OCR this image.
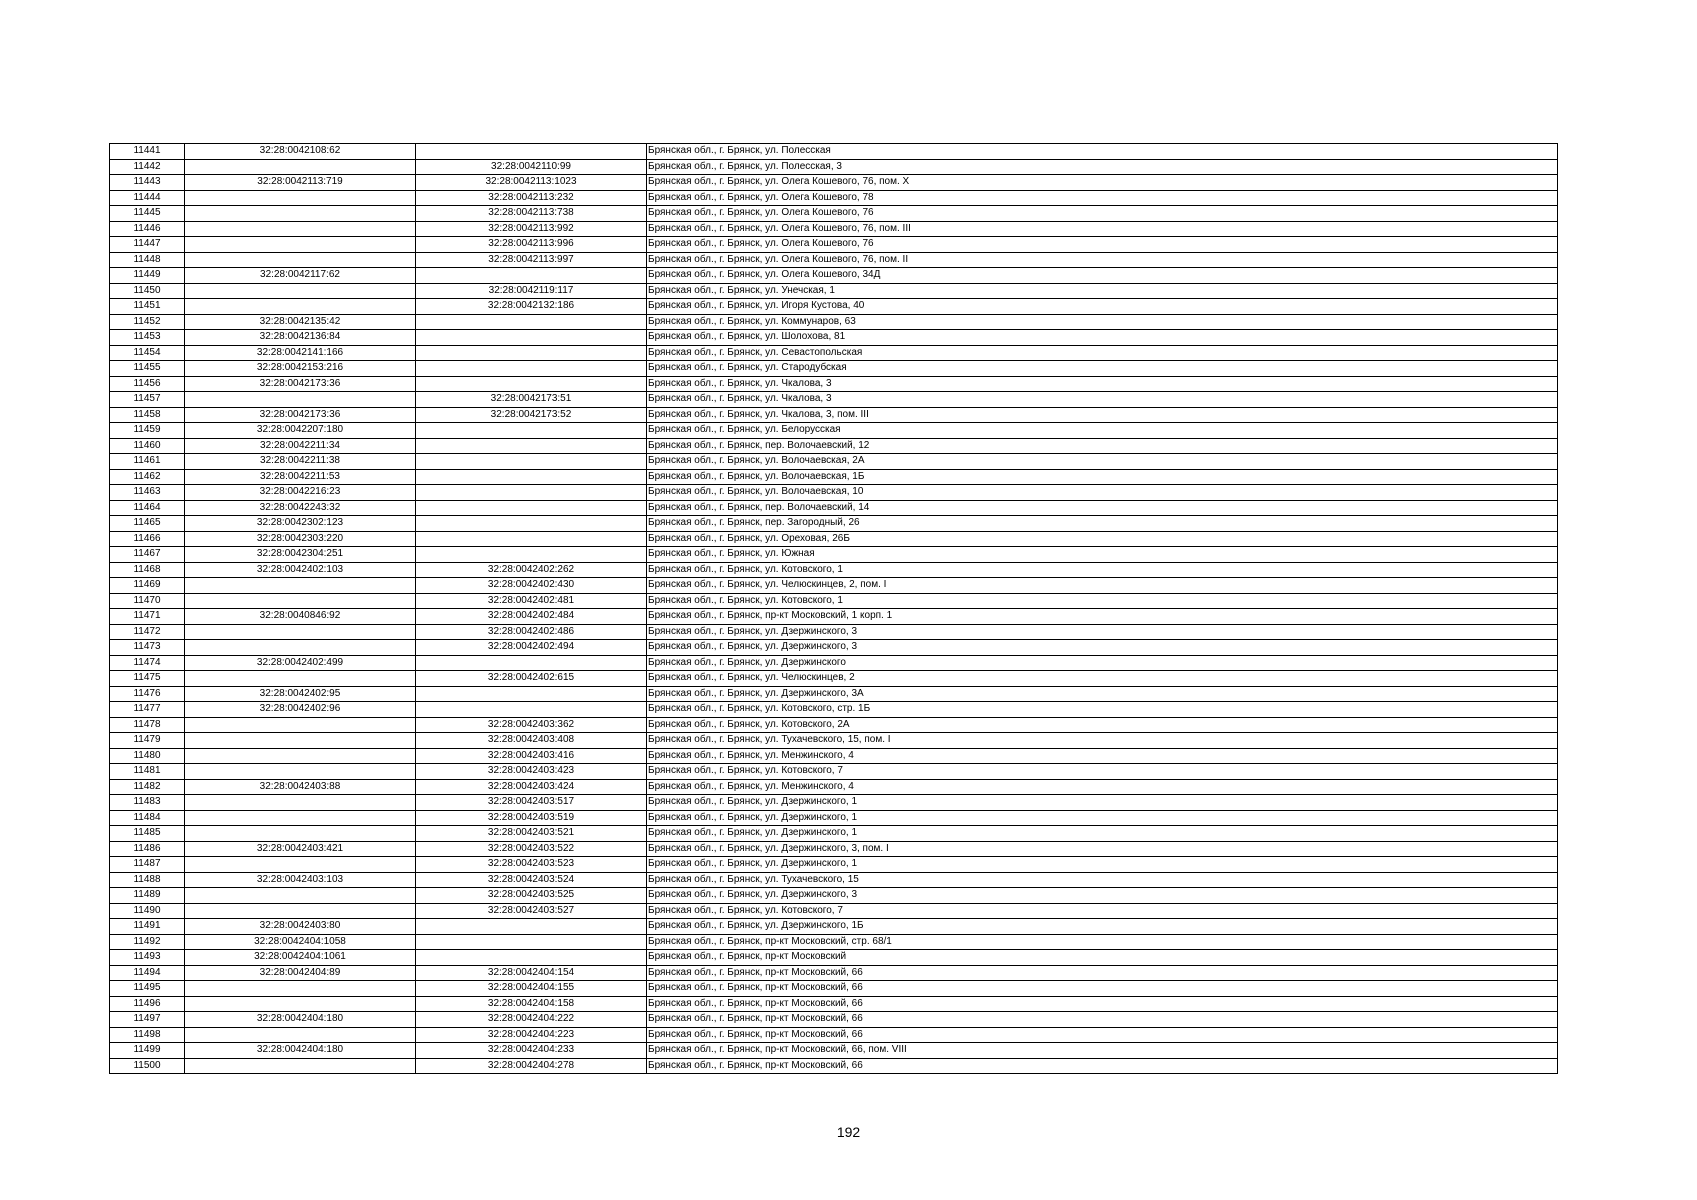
11441	32:28:0042108:62		Брянская обл., г. Брянск, ул. Полесская
11442		32:28:0042110:99	Брянская обл., г. Брянск, ул. Полесская, 3
11443	32:28:0042113:719	32:28:0042113:1023	Брянская обл., г. Брянск, ул. Олега Кошевого, 76, пом. X
11444		32:28:0042113:232	Брянская обл., г. Брянск, ул. Олега Кошевого, 78
11445		32:28:0042113:738	Брянская обл., г. Брянск, ул. Олега Кошевого, 76
11446		32:28:0042113:992	Брянская обл., г. Брянск, ул. Олега Кошевого, 76, пом. III
11447		32:28:0042113:996	Брянская обл., г. Брянск, ул. Олега Кошевого, 76
11448		32:28:0042113:997	Брянская обл., г. Брянск, ул. Олега Кошевого, 76, пом. II
11449	32:28:0042117:62		Брянская обл., г. Брянск, ул. Олега Кошевого, 34Д
11450		32:28:0042119:117	Брянская обл., г. Брянск, ул. Унечская, 1
11451		32:28:0042132:186	Брянская обл., г. Брянск, ул. Игоря Кустова, 40
11452	32:28:0042135:42		Брянская обл., г. Брянск, ул. Коммунаров, 63
11453	32:28:0042136:84		Брянская обл., г. Брянск, ул. Шолохова, 81
11454	32:28:0042141:166		Брянская обл., г. Брянск, ул. Севастопольская
11455	32:28:0042153:216		Брянская обл., г. Брянск, ул. Стародубская
11456	32:28:0042173:36		Брянская обл., г. Брянск, ул. Чкалова, 3
11457		32:28:0042173:51	Брянская обл., г. Брянск, ул. Чкалова, 3
11458	32:28:0042173:36	32:28:0042173:52	Брянская обл., г. Брянск, ул. Чкалова, 3, пом. III
11459	32:28:0042207:180		Брянская обл., г. Брянск, ул. Белорусская
11460	32:28:0042211:34		Брянская обл., г. Брянск, пер. Волочаевский, 12
11461	32:28:0042211:38		Брянская обл., г. Брянск, ул. Волочаевская, 2А
11462	32:28:0042211:53		Брянская обл., г. Брянск, ул. Волочаевская, 1Б
11463	32:28:0042216:23		Брянская обл., г. Брянск, ул. Волочаевская, 10
11464	32:28:0042243:32		Брянская обл., г. Брянск, пер. Волочаевский, 14
11465	32:28:0042302:123		Брянская обл., г. Брянск, пер. Загородный, 26
11466	32:28:0042303:220		Брянская обл., г. Брянск, ул. Ореховая, 26Б
11467	32:28:0042304:251		Брянская обл., г. Брянск, ул. Южная
11468	32:28:0042402:103	32:28:0042402:262	Брянская обл., г. Брянск, ул. Котовского, 1
11469		32:28:0042402:430	Брянская обл., г. Брянск, ул. Челюскинцев, 2, пом. I
11470		32:28:0042402:481	Брянская обл., г. Брянск, ул. Котовского, 1
11471	32:28:0040846:92	32:28:0042402:484	Брянская обл., г. Брянск, пр-кт Московский, 1 корп. 1
11472		32:28:0042402:486	Брянская обл., г. Брянск, ул. Дзержинского, 3
11473		32:28:0042402:494	Брянская обл., г. Брянск, ул. Дзержинского, 3
11474	32:28:0042402:499		Брянская обл., г. Брянск, ул. Дзержинского
11475		32:28:0042402:615	Брянская обл., г. Брянск, ул. Челюскинцев, 2
11476	32:28:0042402:95		Брянская обл., г. Брянск, ул. Дзержинского, 3А
11477	32:28:0042402:96		Брянская обл., г. Брянск, ул. Котовского, стр. 1Б
11478		32:28:0042403:362	Брянская обл., г. Брянск, ул. Котовского, 2А
11479		32:28:0042403:408	Брянская обл., г. Брянск, ул. Тухачевского, 15, пом. I
11480		32:28:0042403:416	Брянская обл., г. Брянск, ул. Менжинского, 4
11481		32:28:0042403:423	Брянская обл., г. Брянск, ул. Котовского, 7
11482	32:28:0042403:88	32:28:0042403:424	Брянская обл., г. Брянск, ул. Менжинского, 4
11483		32:28:0042403:517	Брянская обл., г. Брянск, ул. Дзержинского, 1
11484		32:28:0042403:519	Брянская обл., г. Брянск, ул. Дзержинского, 1
11485		32:28:0042403:521	Брянская обл., г. Брянск, ул. Дзержинского, 1
11486	32:28:0042403:421	32:28:0042403:522	Брянская обл., г. Брянск, ул. Дзержинского, 3, пом. I
11487		32:28:0042403:523	Брянская обл., г. Брянск, ул. Дзержинского, 1
11488	32:28:0042403:103	32:28:0042403:524	Брянская обл., г. Брянск, ул. Тухачевского, 15
11489		32:28:0042403:525	Брянская обл., г. Брянск, ул. Дзержинского, 3
11490		32:28:0042403:527	Брянская обл., г. Брянск, ул. Котовского, 7
11491	32:28:0042403:80		Брянская обл., г. Брянск, ул. Дзержинского, 1Б
11492	32:28:0042404:1058		Брянская обл., г. Брянск, пр-кт Московский, стр. 68/1
11493	32:28:0042404:1061		Брянская обл., г. Брянск, пр-кт Московский
11494	32:28:0042404:89	32:28:0042404:154	Брянская обл., г. Брянск, пр-кт Московский, 66
11495		32:28:0042404:155	Брянская обл., г. Брянск, пр-кт Московский, 66
11496		32:28:0042404:158	Брянская обл., г. Брянск, пр-кт Московский, 66
11497	32:28:0042404:180	32:28:0042404:222	Брянская обл., г. Брянск, пр-кт Московский, 66
11498		32:28:0042404:223	Брянская обл., г. Брянск, пр-кт Московский, 66
11499	32:28:0042404:180	32:28:0042404:233	Брянская обл., г. Брянск, пр-кт Московский, 66, пом. VIII
11500		32:28:0042404:278	Брянская обл., г. Брянск, пр-кт Московский, 66
192
